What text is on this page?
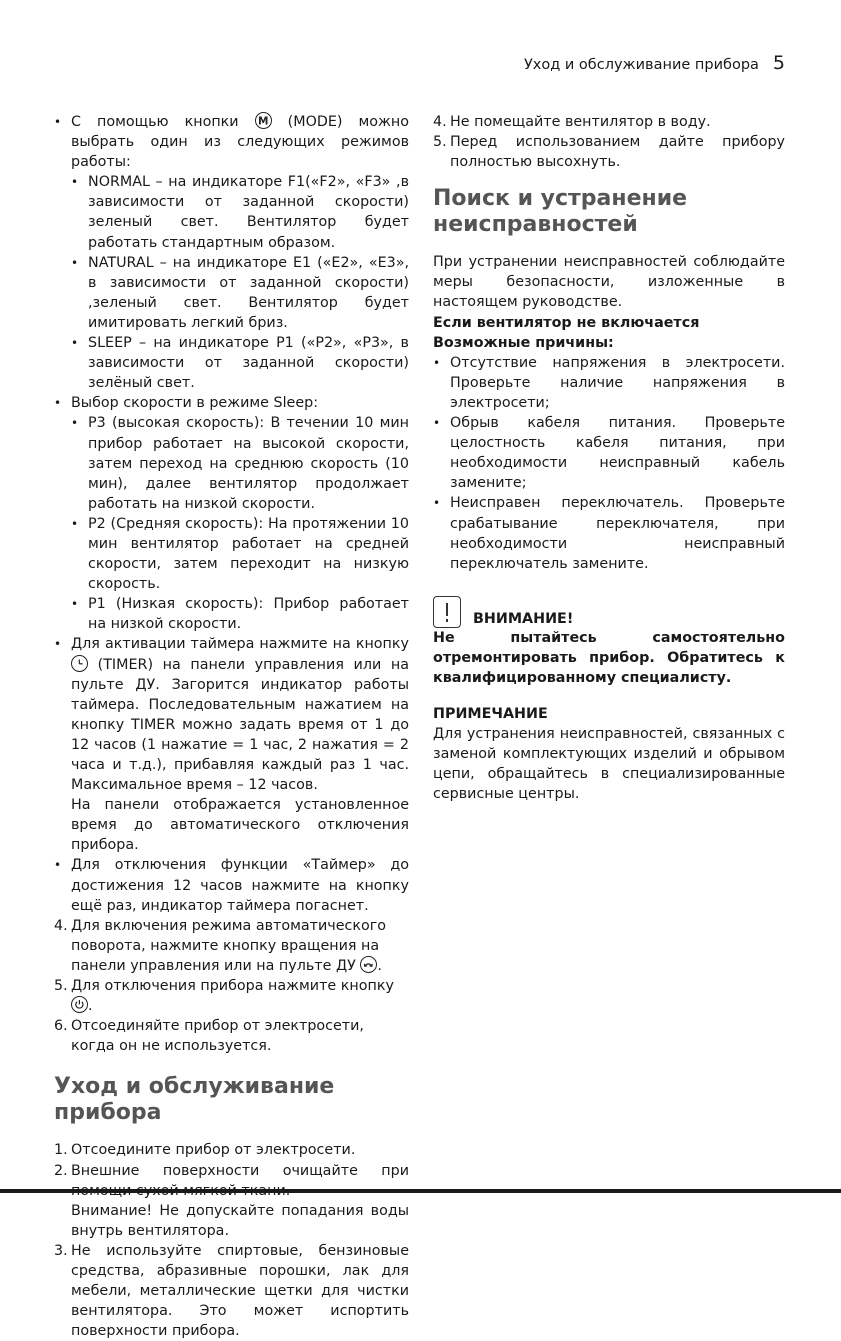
Уход и обслуживание прибора 5
• С помощью кнопки M (MODE) можно выбрать один из следующих режимов работы:
• NORMAL – на индикаторе F1(«F2», «F3» ,в зависимости от заданной скорости) зеленый свет. Вентилятор будет работать стандартным образом.
• NATURAL – на индикаторе E1 («E2», «E3», в зависимости от заданной скорости) ,зеленый свет. Вентилятор будет имитировать легкий бриз.
• SLEEP – на индикаторе P1 («P2», «P3», в зависимости от заданной скорости) зелёный свет.
• Выбор скорости в режиме Sleep:
• P3 (высокая скорость): В течении 10 мин прибор работает на высокой скорости, затем переход на среднюю скорость (10 мин), далее вентилятор продолжает работать на низкой скорости.
• P2 (Средняя скорость): На протяжении 10 мин вентилятор работает на средней скорости, затем переходит на низкую скорость.
• P1 (Низкая скорость): Прибор работает на низкой скорости.
• Для активации таймера нажмите на кнопку
(TIMER) на панели управления или на пульте ДУ. Загорится индикатор работы таймера. Последовательным нажатием на кнопку TIMER можно задать время от 1 до 12 часов (1 нажатие = 1 час, 2 нажатия = 2 часа и т.д.), прибавляя каждый раз 1 час. Максимальное время – 12 часов.
На панели отображается установленное время до автоматического отключения прибора.
• Для отключения функции «Таймер» до достижения 12 часов нажмите на кнопку ещё раз, индикатор таймера погаснет.
4. Для включения режима автоматического поворота, нажмите кнопку вращения на панели управления или на пульте ДУ .
5. Для отключения прибора нажмите кнопку
.
6. Отсоединяйте прибор от электросети, когда он не используется.
Уход и обслуживание прибора
1. Отсоедините прибор от электросети.
2. Внешние поверхности очищайте при
Внимание! Не допускайте попадания воды внутрь вентилятора.
3. Не используйте спиртовые, бензиновые средства, абразивные порошки, лак для мебели, металлические щетки для чистки вентилятора. Это может испортить поверхности прибора.
4. Не помещайте вентилятор в воду.
5. Перед использованием дайте прибору полностью высохнуть.
Поиск и устранение неисправностей
При устранении неисправностей соблюдайте меры безопасности, изложенные в настоящем руководстве.
Если вентилятор не включается
Возможные причины:
• Отсутствие напряжения в электросети. Проверьте наличие напряжения в электросети;
• Обрыв кабеля питания. Проверьте целостность кабеля питания, при необходимости неисправный кабель замените;
• Неисправен переключатель. Проверьте срабатывание переключателя, при необходимости неисправный переключатель замените.
ВНИМАНИЕ!
Не пытайтесь самостоятельно отремонтировать прибор. Обратитесь к квалифицированному специалисту.
ПРИМЕЧАНИЕ
Для устранения неисправностей, связанных с заменой комплектующих изделий и обрывом цепи, обращайтесь в специализированные сервисные центры.
